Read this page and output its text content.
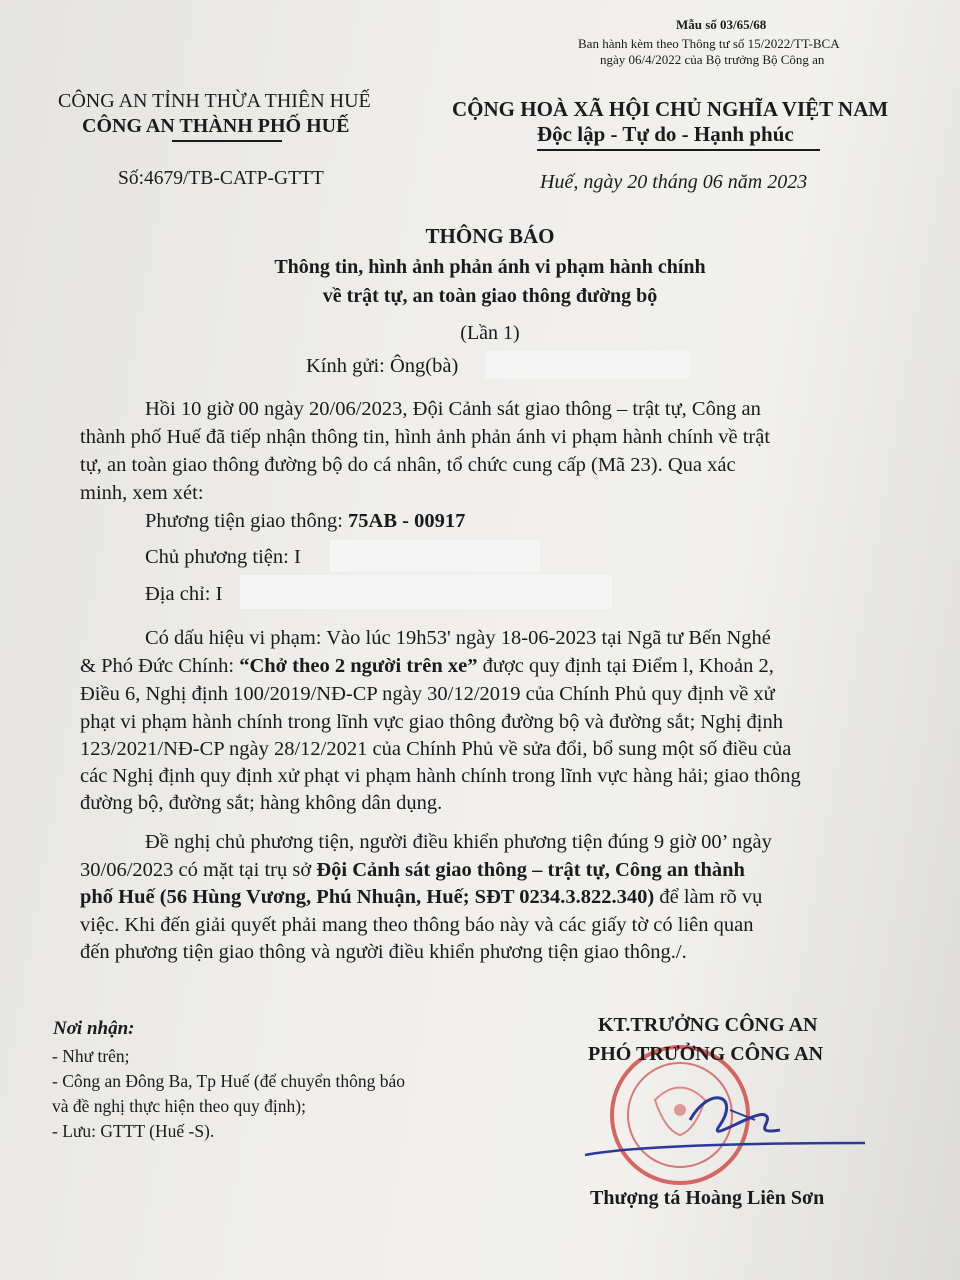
Mẫu số 03/65/68
Ban hành kèm theo Thông tư số 15/2022/TT-BCA
ngày 06/4/2022 của Bộ trưởng Bộ Công an
CÔNG AN TỈNH THỪA THIÊN HUẾ
CÔNG AN THÀNH PHỐ HUẾ
Số:4679/TB-CATP-GTTT
CỘNG HOÀ XÃ HỘI CHỦ NGHĨA VIỆT NAM
Độc lập - Tự do - Hạnh phúc
Huế, ngày 20 tháng 06 năm 2023
THÔNG BÁO
Thông tin, hình ảnh phản ánh vi phạm hành chính
về trật tự, an toàn giao thông đường bộ
(Lần 1)
Kính gửi: Ông(bà)
Hồi 10 giờ 00 ngày 20/06/2023, Đội Cảnh sát giao thông – trật tự, Công an
thành phố Huế đã tiếp nhận thông tin, hình ảnh phản ánh vi phạm hành chính về trật
tự, an toàn giao thông đường bộ do cá nhân, tổ chức cung cấp (Mã 23). Qua xác
minh, xem xét:
Phương tiện giao thông: 75AB - 00917
Chủ phương tiện: I
Địa chỉ: I
Có dấu hiệu vi phạm: Vào lúc 19h53' ngày 18-06-2023 tại Ngã tư Bến Nghé
& Phó Đức Chính: “Chở theo 2 người trên xe” được quy định tại Điểm l, Khoản 2,
Điều 6, Nghị định 100/2019/NĐ-CP ngày 30/12/2019 của Chính Phủ quy định về xử
phạt vi phạm hành chính trong lĩnh vực giao thông đường bộ và đường sắt; Nghị định
123/2021/NĐ-CP ngày 28/12/2021 của Chính Phủ về sửa đổi, bổ sung một số điều của
các Nghị định quy định xử phạt vi phạm hành chính trong lĩnh vực hàng hải; giao thông
đường bộ, đường sắt; hàng không dân dụng.
Đề nghị chủ phương tiện, người điều khiển phương tiện đúng 9 giờ 00’ ngày
30/06/2023 có mặt tại trụ sở Đội Cảnh sát giao thông – trật tự, Công an thành
phố Huế (56 Hùng Vương, Phú Nhuận, Huế; SĐT 0234.3.822.340) để làm rõ vụ
việc. Khi đến giải quyết phải mang theo thông báo này và các giấy tờ có liên quan
đến phương tiện giao thông và người điều khiển phương tiện giao thông./.
Nơi nhận:
- Như trên;
- Công an Đông Ba, Tp Huế (để chuyển thông báo
và đề nghị thực hiện theo quy định);
- Lưu: GTTT (Huế -S).
KT.TRƯỞNG CÔNG AN
PHÓ TRƯỞNG CÔNG AN
Thượng tá Hoàng Liên Sơn
